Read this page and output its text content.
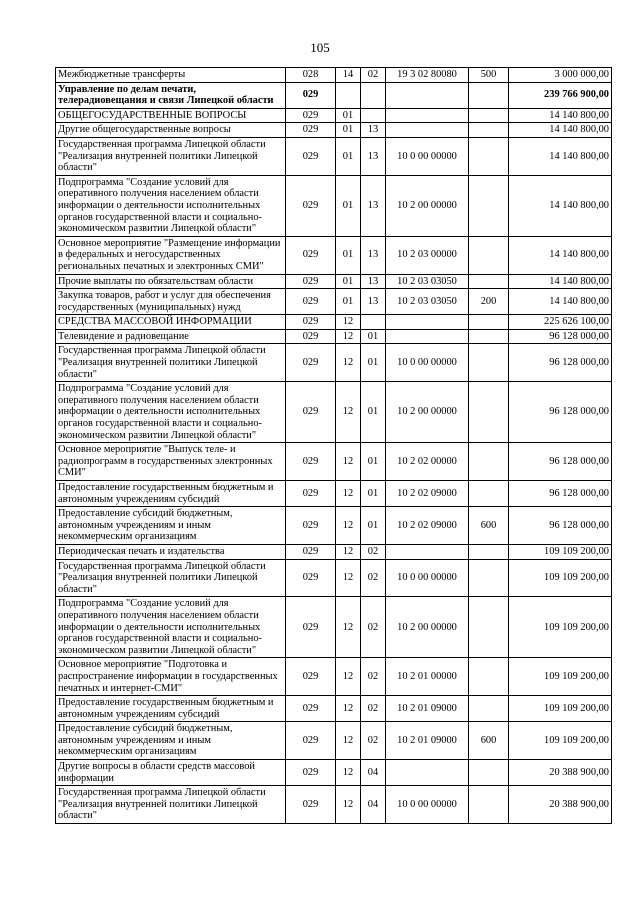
105
Межбюджетные трансферты	028	14	02	19 3 02 80080	500	3 000 000,00
Управление по делам печати, телерадиовещания и связи Липецкой области	029					239 766 900,00
ОБЩЕГОСУДАРСТВЕННЫЕ ВОПРОСЫ	029	01				14 140 800,00
Другие общегосударственные вопросы	029	01	13			14 140 800,00
Государственная программа Липецкой области "Реализация внутренней политики Липецкой области"	029	01	13	10 0 00 00000		14 140 800,00
Подпрограмма "Создание условий для оперативного получения населением области информации о деятельности исполнительных органов государственной власти и социально-экономическом развитии Липецкой области"	029	01	13	10 2 00 00000		14 140 800,00
Основное мероприятие "Размещение информации в федеральных и негосударственных региональных печатных и электронных СМИ"	029	01	13	10 2 03 00000		14 140 800,00
Прочие выплаты по обязательствам области	029	01	13	10 2 03 03050		14 140 800,00
Закупка товаров, работ и услуг для обеспечения государственных (муниципальных) нужд	029	01	13	10 2 03 03050	200	14 140 800,00
СРЕДСТВА МАССОВОЙ ИНФОРМАЦИИ	029	12				225 626 100,00
Телевидение и радиовещание	029	12	01			96 128 000,00
Государственная программа Липецкой области "Реализация внутренней политики Липецкой области"	029	12	01	10 0 00 00000		96 128 000,00
Подпрограмма "Создание условий для оперативного получения населением области информации о деятельности исполнительных органов государственной власти и социально-экономическом развитии Липецкой области"	029	12	01	10 2 00 00000		96 128 000,00
Основное мероприятие "Выпуск теле- и радиопрограмм в государственных электронных СМИ"	029	12	01	10 2 02 00000		96 128 000,00
Предоставление государственным бюджетным и автономным учреждениям субсидий	029	12	01	10 2 02 09000		96 128 000,00
Предоставление субсидий бюджетным, автономным учреждениям и иным некоммерческим организациям	029	12	01	10 2 02 09000	600	96 128 000,00
Периодическая печать и издательства	029	12	02			109 109 200,00
Государственная программа Липецкой области "Реализация внутренней политики Липецкой области"	029	12	02	10 0 00 00000		109 109 200,00
Подпрограмма "Создание условий для оперативного получения населением области информации о деятельности исполнительных органов государственной власти и социально-экономическом развитии Липецкой области"	029	12	02	10 2 00 00000		109 109 200,00
Основное мероприятие "Подготовка и распространение информации в государственных печатных и интернет-СМИ"	029	12	02	10 2 01 00000		109 109 200,00
Предоставление государственным бюджетным и автономным учреждениям субсидий	029	12	02	10 2 01 09000		109 109 200,00
Предоставление субсидий бюджетным, автономным учреждениям и иным некоммерческим организациям	029	12	02	10 2 01 09000	600	109 109 200,00
Другие вопросы в области средств массовой информации	029	12	04			20 388 900,00
Государственная программа Липецкой области "Реализация внутренней политики Липецкой области"	029	12	04	10 0 00 00000		20 388 900,00
